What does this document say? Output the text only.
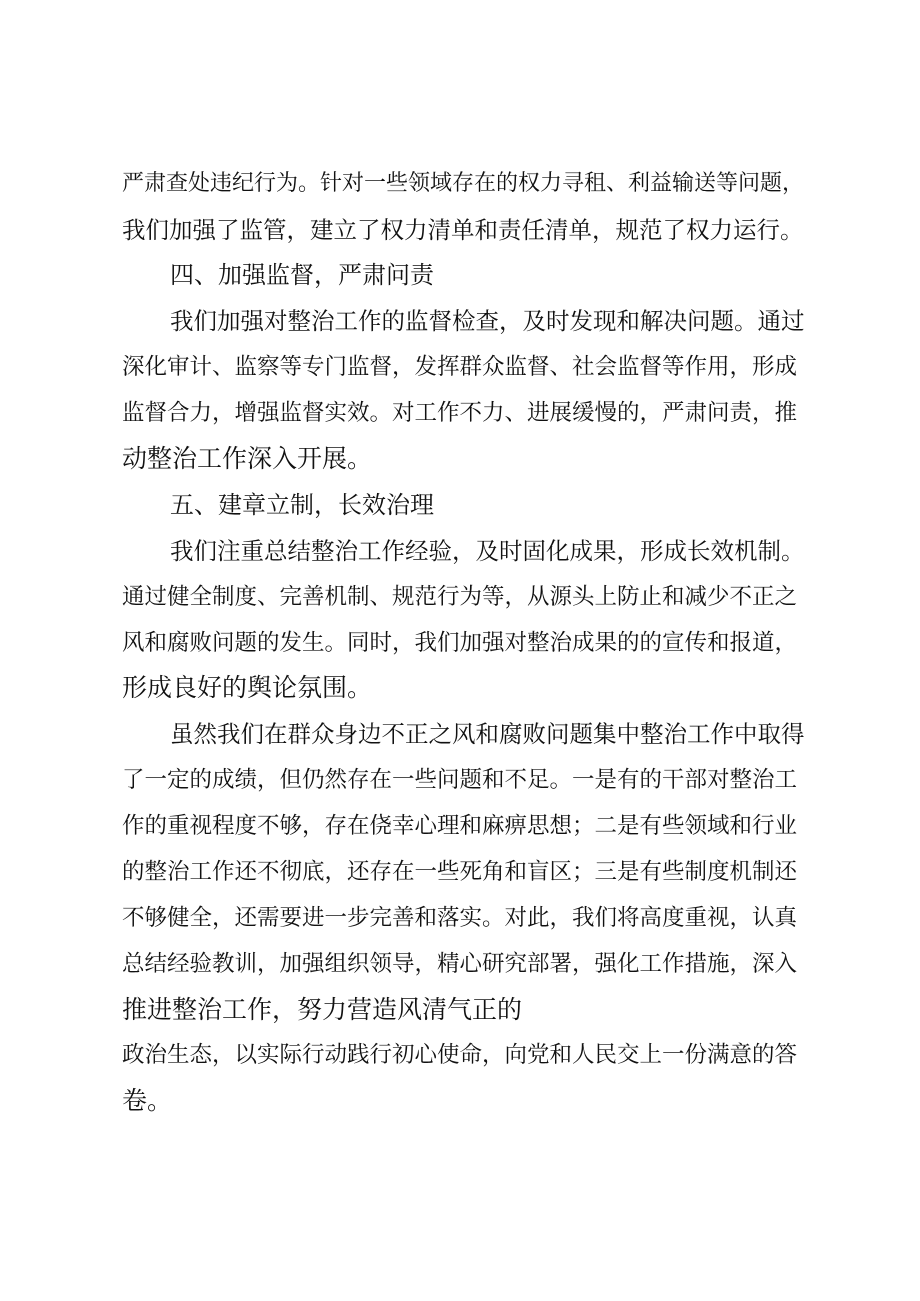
严肃查处违纪行为。针对一些领域存在的权力寻租、利益输送等问题，
我们加强了监管，建立了权力清单和责任清单，规范了权力运行。
四、加强监督，严肃问责
我们加强对整治工作的监督检查，及时发现和解决问题。通过
深化审计、监察等专门监督，发挥群众监督、社会监督等作用，形成
监督合力，增强监督实效。对工作不力、进展缓慢的，严肃问责，推
动整治工作深入开展。
五、建章立制，长效治理
我们注重总结整治工作经验，及时固化成果，形成长效机制。
通过健全制度、完善机制、规范行为等，从源头上防止和减少不正之
风和腐败问题的发生。同时，我们加强对整治成果的的宣传和报道，
形成良好的舆论氛围。
虽然我们在群众身边不正之风和腐败问题集中整治工作中取得
了一定的成绩，但仍然存在一些问题和不足。一是有的干部对整治工
作的重视程度不够，存在侥幸心理和麻痹思想；二是有些领域和行业
的整治工作还不彻底，还存在一些死角和盲区；三是有些制度机制还
不够健全，还需要进一步完善和落实。对此，我们将高度重视，认真
总结经验教训，加强组织领导，精心研究部署，强化工作措施，深入
推进整治工作，努力营造风清气正的
政治生态，以实际行动践行初心使命，向党和人民交上一份满意的答
卷。
